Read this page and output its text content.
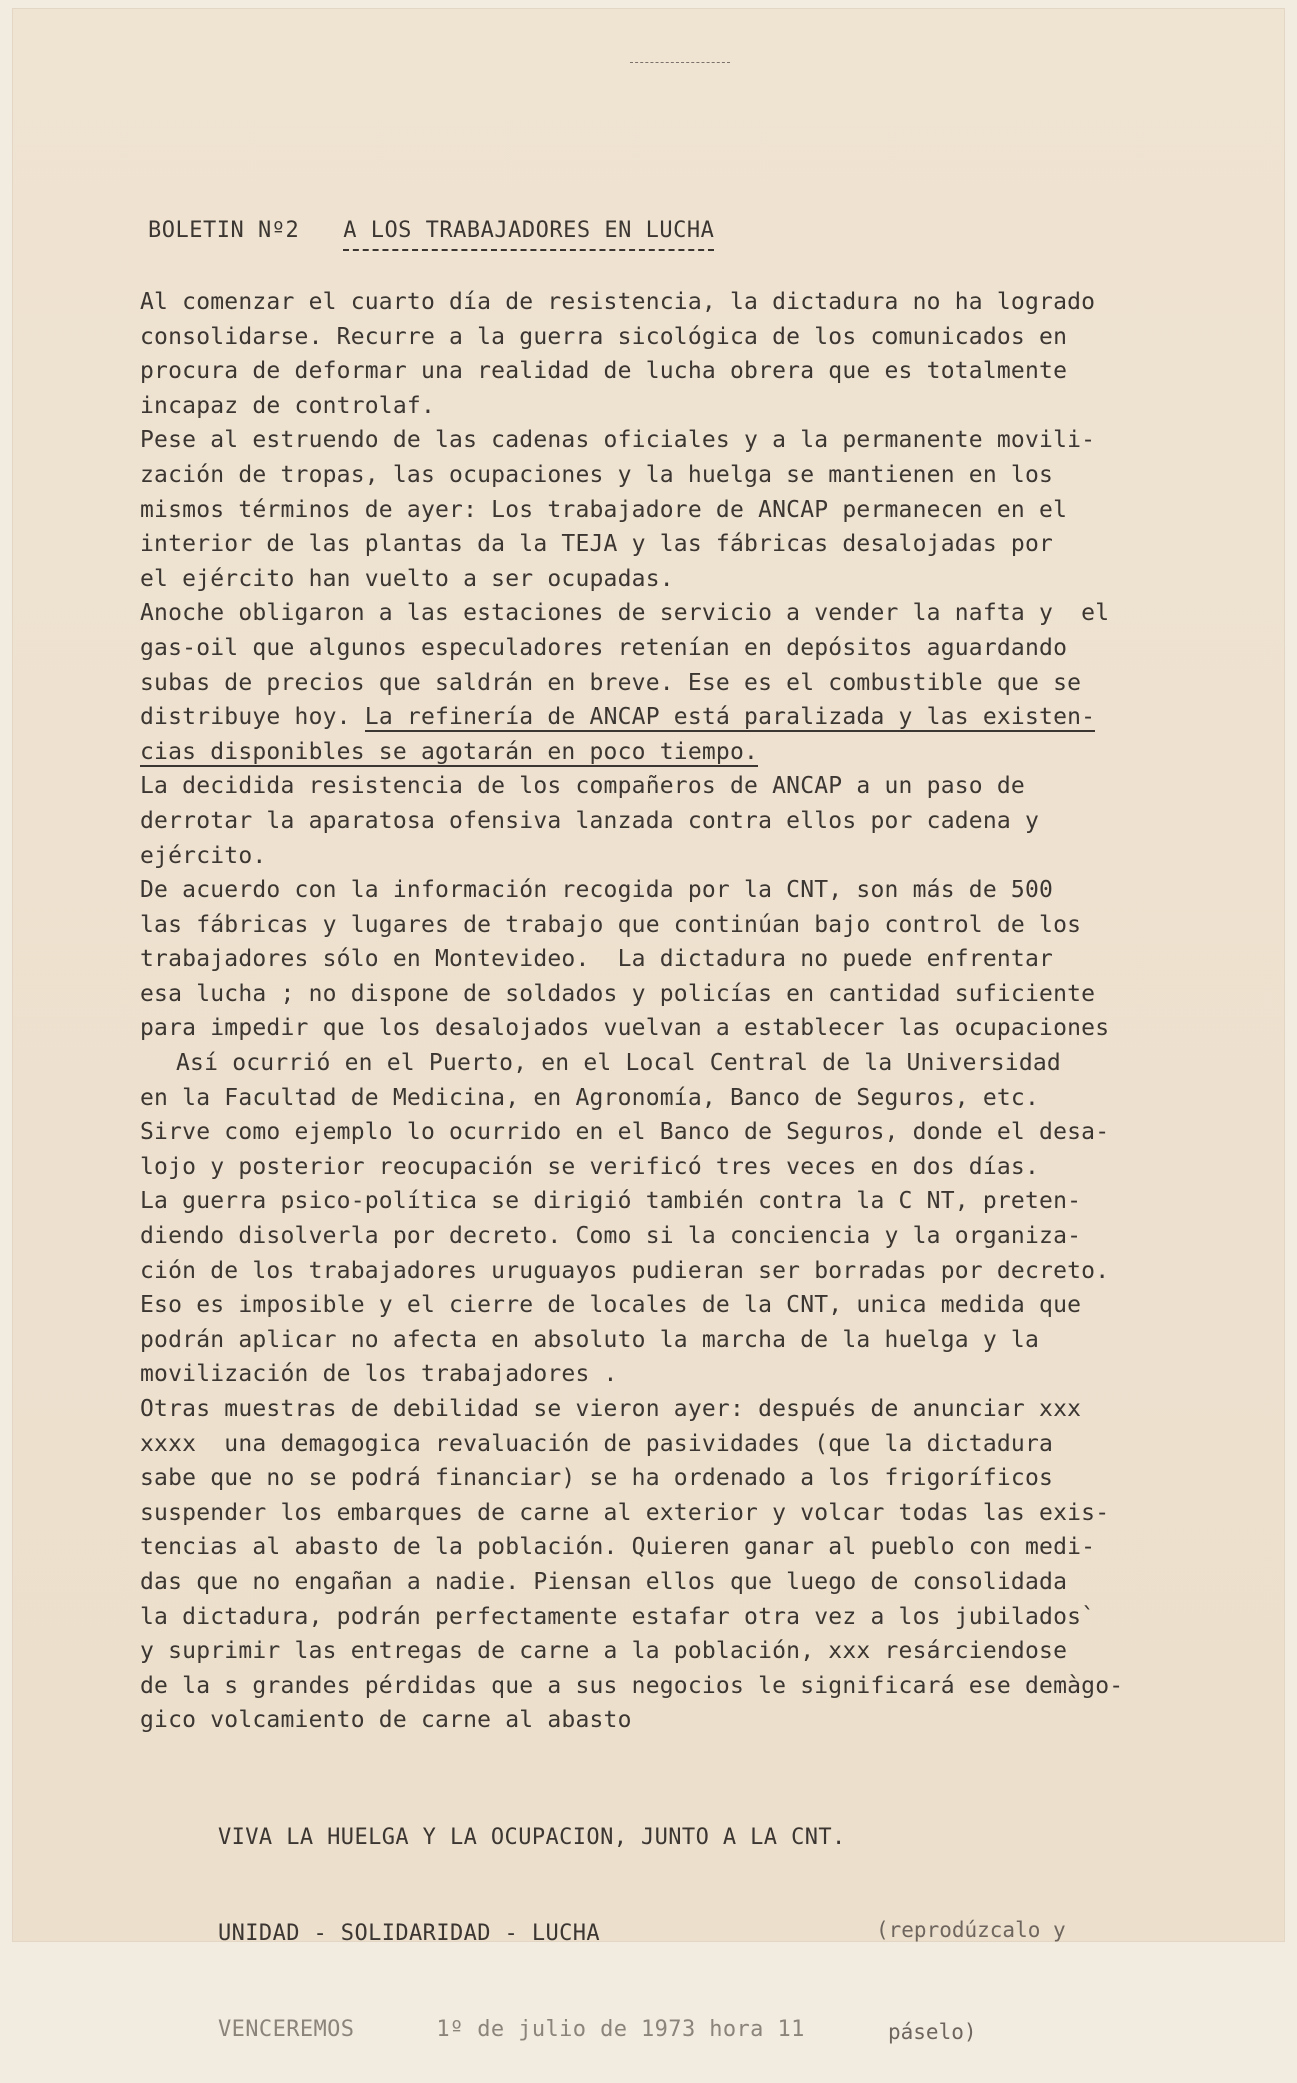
BOLETIN Nº2 A LOS TRABAJADORES EN LUCHA
Al comenzar el cuarto día de resistencia, la dictadura no ha logrado
consolidarse. Recurre a la guerra sicológica de los comunicados en
procura de deformar una realidad de lucha obrera que es totalmente
incapaz de controlaf.
Pese al estruendo de las cadenas oficiales y a la permanente movili-
zación de tropas, las ocupaciones y la huelga se mantienen en los
mismos términos de ayer: Los trabajadore de ANCAP permanecen en el
interior de las plantas da la TEJA y las fábricas desalojadas por
el ejército han vuelto a ser ocupadas.
Anoche obligaron a las estaciones de servicio a vender la nafta y  el
gas-oil que algunos especuladores retenían en depósitos aguardando
subas de precios que saldrán en breve. Ese es el combustible que se
distribuye hoy. La refinería de ANCAP está paralizada y las existen-
cias disponibles se agotarán en poco tiempo.
La decidida resistencia de los compañeros de ANCAP a un paso de
derrotar la aparatosa ofensiva lanzada contra ellos por cadena y
ejército.
De acuerdo con la información recogida por la CNT, son más de 500
las fábricas y lugares de trabajo que continúan bajo control de los
trabajadores sólo en Montevideo.  La dictadura no puede enfrentar
esa lucha ; no dispone de soldados y policías en cantidad suficiente
para impedir que los desalojados vuelvan a establecer las ocupaciones
Así ocurrió en el Puerto, en el Local Central de la Universidad
en la Facultad de Medicina, en Agronomía, Banco de Seguros, etc.
Sirve como ejemplo lo ocurrido en el Banco de Seguros, donde el desa-
lojo y posterior reocupación se verificó tres veces en dos días.
La guerra psico-política se dirigió también contra la C NT, preten-
diendo disolverla por decreto. Como si la conciencia y la organiza-
ción de los trabajadores uruguayos pudieran ser borradas por decreto.
Eso es imposible y el cierre de locales de la CNT, unica medida que
podrán aplicar no afecta en absoluto la marcha de la huelga y la
movilización de los trabajadores .
Otras muestras de debilidad se vieron ayer: después de anunciar xxx
xxxx  una demagogica revaluación de pasividades (que la dictadura
sabe que no se podrá financiar) se ha ordenado a los frigoríficos
suspender los embarques de carne al exterior y volcar todas las exis-
tencias al abasto de la población. Quieren ganar al pueblo con medi-
das que no engañan a nadie. Piensan ellos que luego de consolidada
la dictadura, podrán perfectamente estafar otra vez a los jubilados`
y suprimir las entregas de carne a la población, xxx resárciendose
de la s grandes pérdidas que a sus negocios le significará ese demàgo-
gico volcamiento de carne al abasto

VIVA LA HUELGA Y LA OCUPACION, JUNTO A LA CNT.

UNIDAD - SOLIDARIDAD - LUCHA

VENCEREMOS	1º de julio de 1973 hora 11

(reprodúzcalo y

páselo)
